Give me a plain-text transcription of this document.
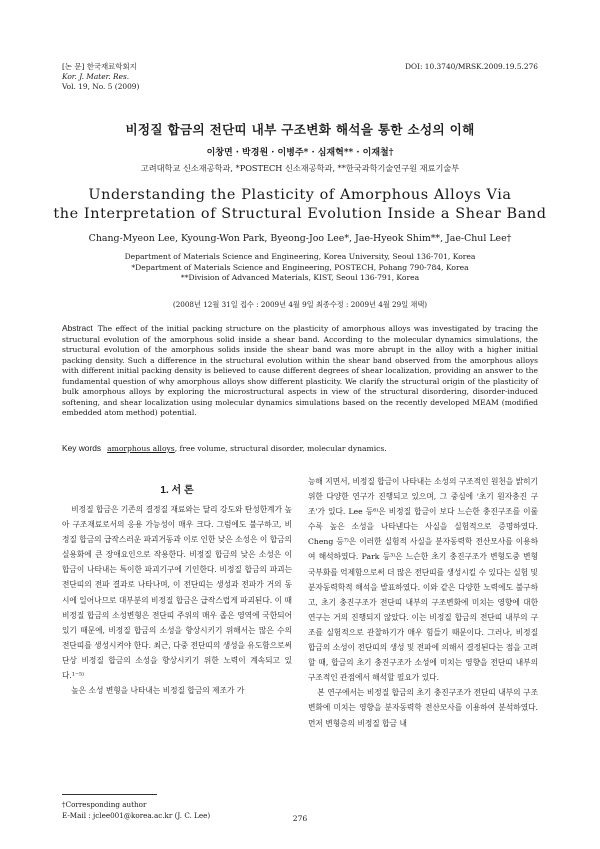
[논 문] 한국재료학회지
Kor. J. Mater. Res.
Vol. 19, No. 5 (2009)
DOI: 10.3740/MRSK.2009.19.5.276
비정질 합금의 전단띠 내부 구조변화 해석을 통한 소성의 이해
이창면 · 박경원 · 이병주* · 심재혁** · 이재철†
고려대학교 신소재공학과, *POSTECH 신소재공학과, **한국과학기술연구원 재료기술부
Understanding the Plasticity of Amorphous Alloys Via
the Interpretation of Structural Evolution Inside a Shear Band
Chang-Myeon Lee, Kyoung-Won Park, Byeong-Joo Lee*, Jae-Hyeok Shim**, Jae-Chul Lee†
Department of Materials Science and Engineering, Korea University, Seoul 136-701, Korea
*Department of Materials Science and Engineering, POSTECH, Pohang 790-784, Korea
**Division of Advanced Materials, KIST, Seoul 136-791, Korea
(2008년 12월 31일 접수 : 2009년 4월 9일 최종수정 : 2009년 4월 29일 채택)
Abstract The effect of the initial packing structure on the plasticity of amorphous alloys was investigated by tracing the structural evolution of the amorphous solid inside a shear band. According to the molecular dynamics simulations, the structural evolution of the amorphous solids inside the shear band was more abrupt in the alloy with a higher initial packing density. Such a difference in the structural evolution within the shear band observed from the amorphous alloys with different initial packing density is believed to cause different degrees of shear localization, providing an answer to the fundamental question of why amorphous alloys show different plasticity. We clarify the structural origin of the plasticity of bulk amorphous alloys by exploring the microstructural aspects in view of the structural disordering, disorder-induced softening, and shear localization using molecular dynamics simulations based on the recently developed MEAM (modified embedded atom method) potential.
Key words amorphous alloys, free volume, structural disorder, molecular dynamics.
1. 서 론

비정질 합금은 기존의 결정질 재료와는 달리 강도와 탄성한계가 높아 구조재료로서의 응용 가능성이 매우 크다. 그럼에도 불구하고, 비정질 합금의 급작스러운 파괴거동과 이로 인한 낮은 소성은 이 합금의 실용화에 큰 장애요인으로 작용한다. 비정질 합금의 낮은 소성은 이 합금이 나타내는 특이한 파괴기구에 기인한다. 비정질 합금의 파괴는 전단띠의 전파 결과로 나타나며, 이 전단띠는 생성과 전파가 거의 동시에 일어나므로 대부분의 비정질 합금은 급작스럽게 파괴된다. 이 때 비정질 합금의 소성변형은 전단띠 주위의 매우 좁은 영역에 국한되어 있기 때문에, 비정질 합금의 소성을 향상시키기 위해서는 많은 수의 전단띠를 생성시켜야 한다. 최근, 다중 전단띠의 생성을 유도함으로써 단상 비정질 합금의 소성을 향상시키기 위한 노력이 계속되고 있다.¹⁻⁵⁾

높은 소성 변형을 나타내는 비정질 합금의 제조가 가

능해 지면서, 비정질 합금이 나타내는 소성의 구조적인 원천을 밝히기 위한 다양한 연구가 진행되고 있으며, 그 중심에 '초기 원자충진 구조'가 있다. Lee 등⁶⁾은 비정질 합금이 보다 느슨한 충진구조를 이룰수록 높은 소성을 나타낸다는 사실을 실험적으로 증명하였다. Cheng 등⁷⁾은 이러한 실험적 사실을 분자동력학 전산모사를 이용하여 해석하였다. Park 등³⁾은 느슨한 초기 충진구조가 변형도중 변형 국부화를 억제함으로써 더 많은 전단띠를 생성시킬 수 있다는 실험 및 분자동력학적 해석을 발표하였다. 이와 같은 다양한 노력에도 불구하고, 초기 충진구조가 전단띠 내부의 구조변화에 미치는 영향에 대한 연구는 거의 진행되지 않았다. 이는 비정질 합금의 전단띠 내부의 구조를 실험적으로 관찰하기가 매우 힘들기 때문이다. 그러나, 비정질 합금의 소성이 전단띠의 생성 및 전파에 의해서 결정된다는 점을 고려할 때, 합금의 초기 충진구조가 소성에 미치는 영향을 전단띠 내부의 구조적인 관점에서 해석할 필요가 있다.

본 연구에서는 비정질 합금의 초기 충진구조가 전단띠 내부의 구조변화에 미치는 영향을 분자동력학 전산모사를 이용하여 분석하였다. 먼저 변형층의 비정질 합금 내

†Corresponding author
E-Mail : jclee001@korea.ac.kr (J. C. Lee)	276
